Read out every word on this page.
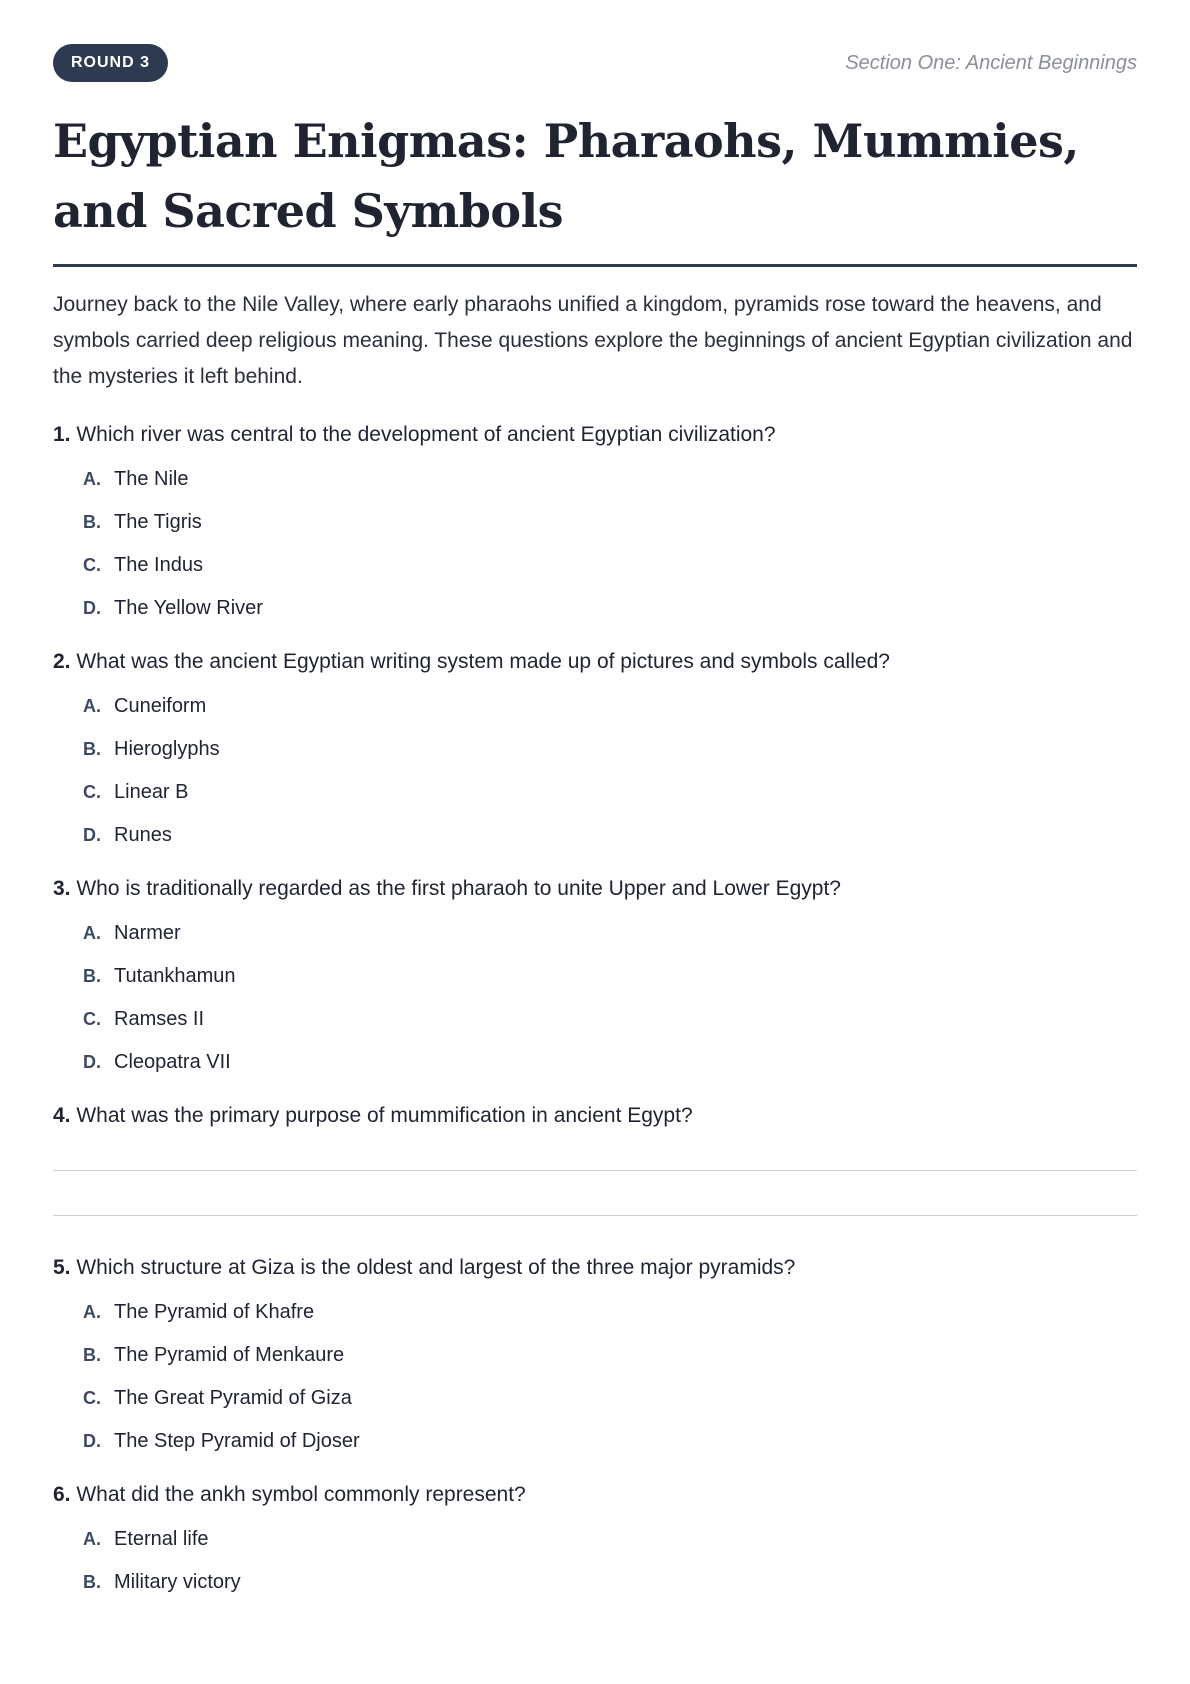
ROUND 3	Section One: Ancient Beginnings
Egyptian Enigmas: Pharaohs, Mummies, and Sacred Symbols

Journey back to the Nile Valley, where early pharaohs unified a kingdom, pyramids rose toward the heavens, and symbols carried deep religious meaning. These questions explore the beginnings of ancient Egyptian civilization and the mysteries it left behind.

1. Which river was central to the development of ancient Egyptian civilization?
A. The Nile
B. The Tigris
C. The Indus
D. The Yellow River
2. What was the ancient Egyptian writing system made up of pictures and symbols called?
A. Cuneiform
B. Hieroglyphs
C. Linear B
D. Runes
3. Who is traditionally regarded as the first pharaoh to unite Upper and Lower Egypt?
A. Narmer
B. Tutankhamun
C. Ramses II
D. Cleopatra VII
4. What was the primary purpose of mummification in ancient Egypt?
5. Which structure at Giza is the oldest and largest of the three major pyramids?
A. The Pyramid of Khafre
B. The Pyramid of Menkaure
C. The Great Pyramid of Giza
D. The Step Pyramid of Djoser
6. What did the ankh symbol commonly represent?
A. Eternal life
B. Military victory
